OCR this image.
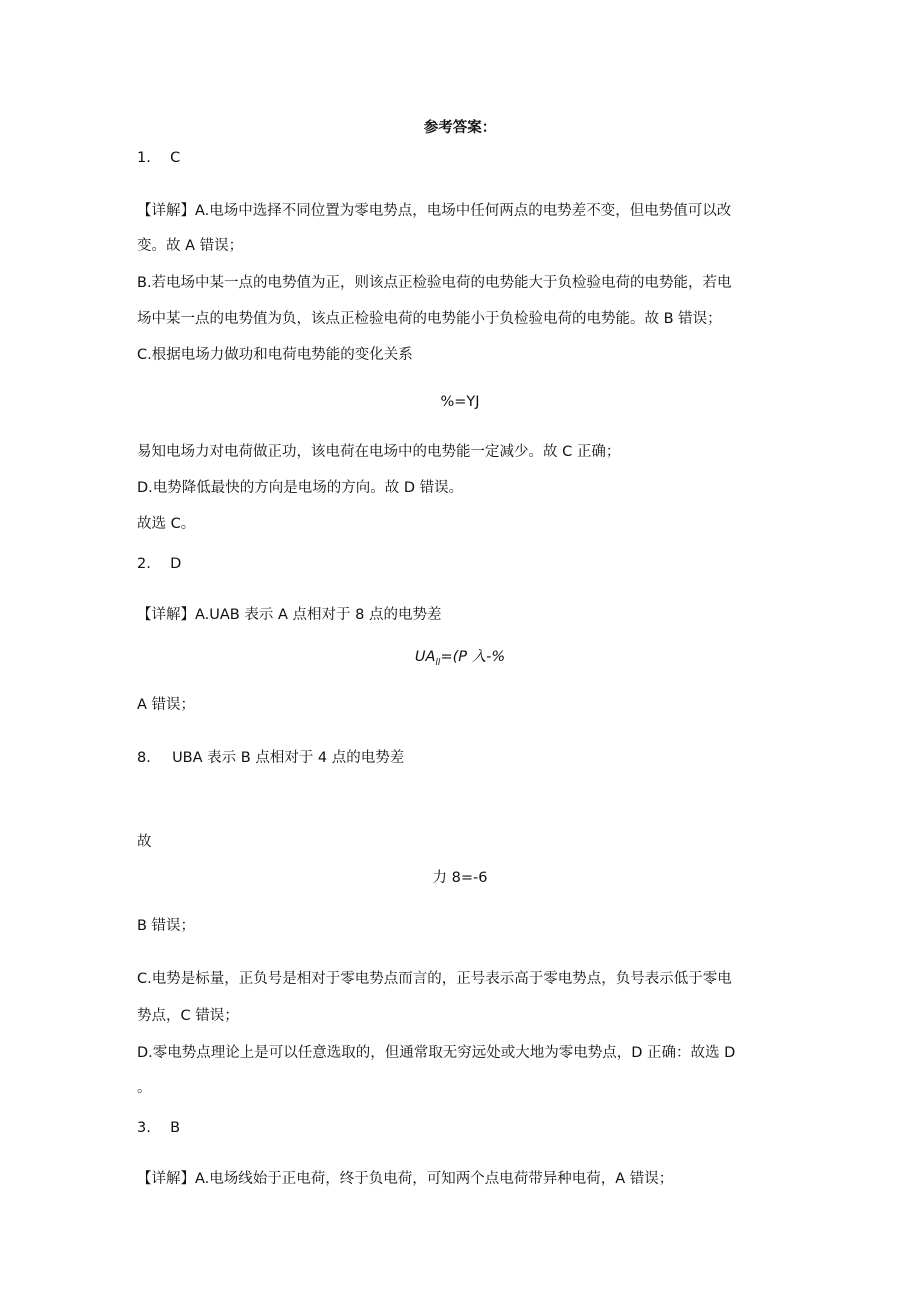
参考答案：
1. C
【详解】A.电场中选择不同位置为零电势点，电场中任何两点的电势差不变，但电势值可以改
变。故 A 错误；
B.若电场中某一点的电势值为正，则该点正检验电荷的电势能大于负检验电荷的电势能，若电
场中某一点的电势值为负，该点正检验电荷的电势能小于负检验电荷的电势能。故 B 错误；
C.根据电场力做功和电荷电势能的变化关系
%=YJ
易知电场力对电荷做正功，该电荷在电场中的电势能一定减少。故 C 正确；
D.电势降低最快的方向是电场的方向。故 D 错误。
故选 C。
2. D
【详解】A.UAB 表示 A 点相对于 8 点的电势差
$UA_{ll}=(P$ 入-%
A 错误；
8. UBA 表示 B 点相对于 4 点的电势差
故
力 8=-6
B 错误；
C.电势是标量，正负号是相对于零电势点而言的，正号表示高于零电势点，负号表示低于零电
势点，C 错误；
D.零电势点理论上是可以任意选取的，但通常取无穷远处或大地为零电势点，D 正确：故选 D
。
3. B
【详解】A.电场线始于正电荷，终于负电荷，可知两个点电荷带异种电荷，A 错误；
